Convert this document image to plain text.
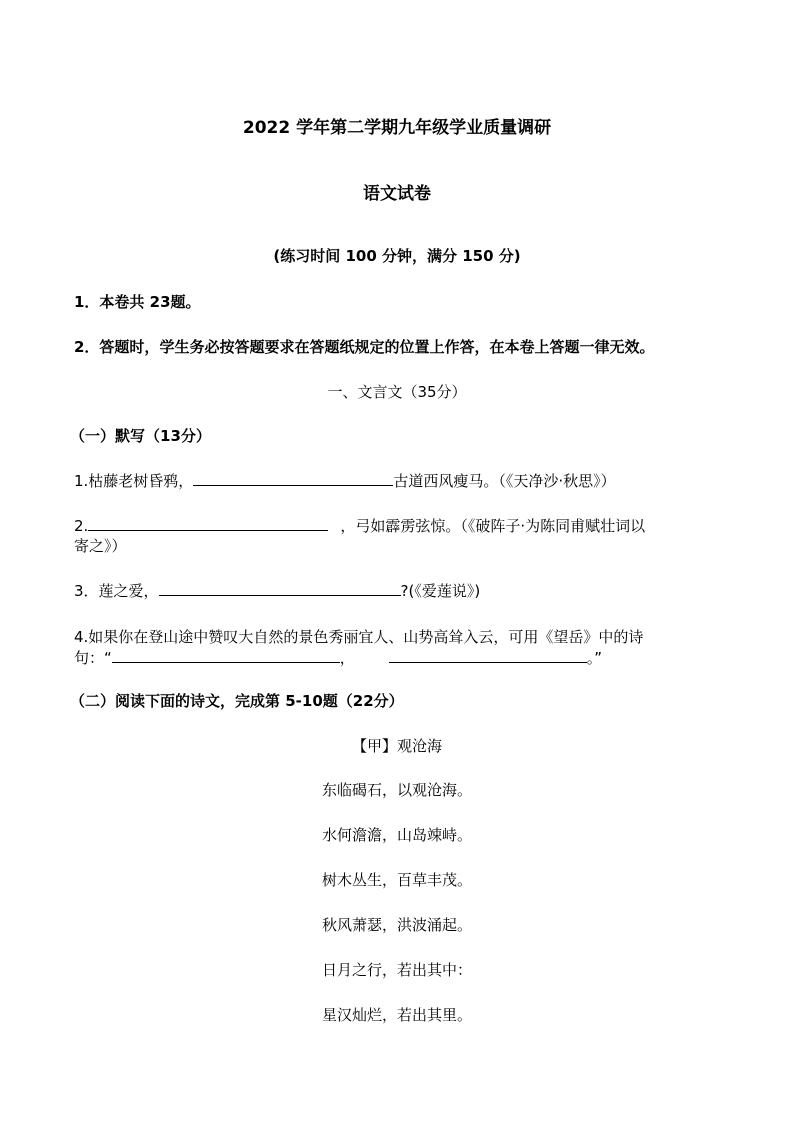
2022 学年第二学期九年级学业质量调研
语文试卷
(练习时间 100 分钟，满分 150 分)
1．本卷共 23题。
2．答题时，学生务必按答题要求在答题纸规定的位置上作答，在本卷上答题一律无效。
一、文言文（35分）
（一）默写（13分）
1.枯藤老树昏鸦，	古道西风瘦马。（《天净沙·秋思》）
2.	，弓如霹雳弦惊。（《破阵子·为陈同甫赋壮词以
寄之》）
3．莲之爱，	?(《爱莲说》)
4.如果你在登山途中赞叹大自然的景色秀丽宜人、山势高耸入云，可用《望岳》中的诗
句：“	，	。”
（二）阅读下面的诗文，完成第 5-10题（22分）
【甲】观沧海
东临碣石，以观沧海。
水何澹澹，山岛竦峙。
树木丛生，百草丰茂。
秋风萧瑟，洪波涌起。
日月之行，若出其中：
星汉灿烂，若出其里。
